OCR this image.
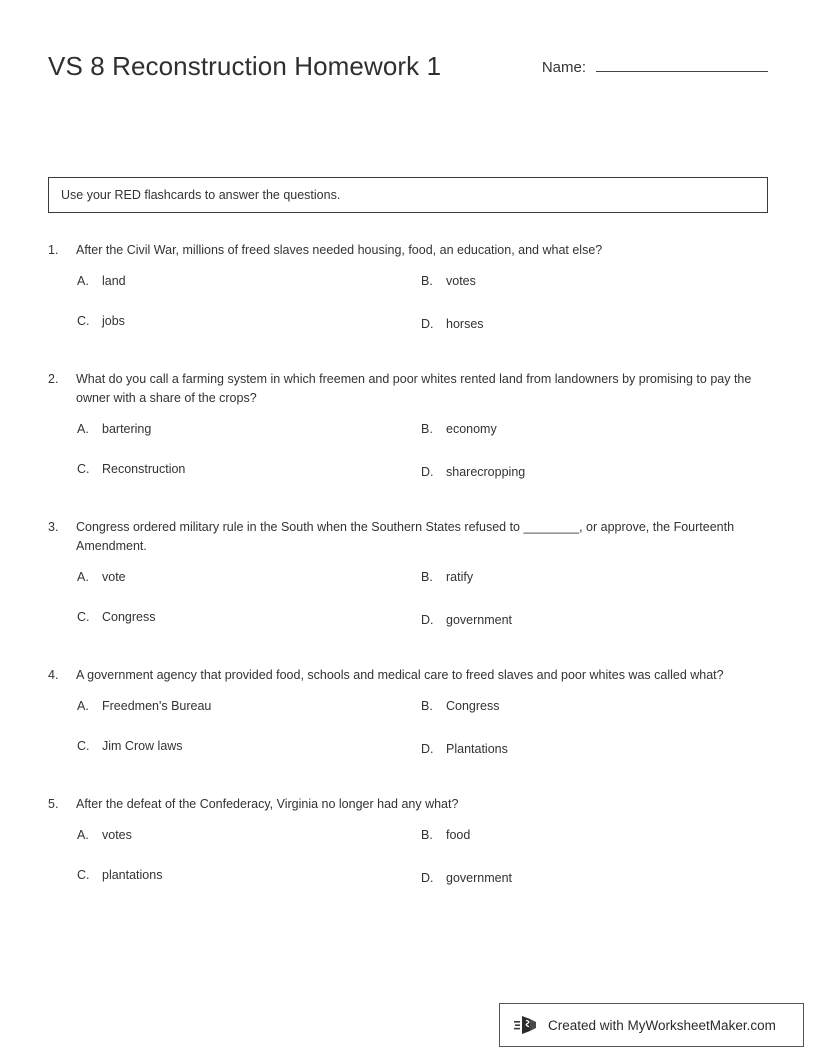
VS 8 Reconstruction Homework 1	Name:
Use your RED flashcards to answer the questions.
1.	After the Civil War, millions of freed slaves needed housing, food, an education, and what else?
A.	land	B.	votes
C.	jobs	D.	horses
2.	What do you call a farming system in which freemen and poor whites rented land from landowners by promising to pay the owner with a share of the crops?
A.	bartering	B.	economy
C.	Reconstruction	D.	sharecropping
3.	Congress ordered military rule in the South when the Southern States refused to ________, or approve, the Fourteenth Amendment.
A.	vote	B.	ratify
C.	Congress	D.	government
4.	A government agency that provided food, schools and medical care to freed slaves and poor whites was called what?
A.	Freedmen's Bureau	B.	Congress
C.	Jim Crow laws	D.	Plantations
5.	After the defeat of the Confederacy, Virginia no longer had any what?
A.	votes	B.	food
C.	plantations	D.	government
Created with MyWorksheetMaker.com
